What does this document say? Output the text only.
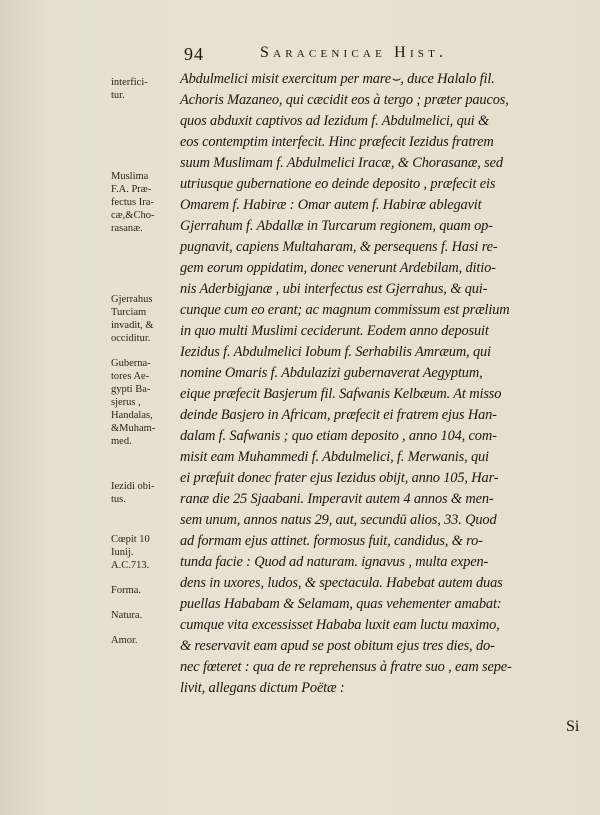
94	Saracenicae Hist.
interfici-
tur.
Muslima
F.A. Præ-
fectus Ira-
cæ,&Cho-
rasanæ.
Gjerrahus
Turciam
invadit, &
occiditur.
Guberna-
tores Ae-
gypti Ba-
sjerus ,
Handalas,
&Muham-
med.
Iezidi obi-
tus.
Cœpit 10
Iunij.
A.C.713.
Forma.
Natura.
Amor.
Abdulmelici misit exercitum per mare⌣, duce Halalo fil.
Achoris Mazaneo, qui cæcidit eos à tergo ; præter paucos,
quos abduxit captivos ad Iezidum f. Abdulmelici, qui &
eos contemptim interfecit. Hinc præfecit Iezidus fratrem
suum Muslimam f. Abdulmelici Iracæ, & Chorasanæ, sed
utriusque gubernatione eo deinde deposito , præfecit eis
Omarem f. Habiræ : Omar autem f. Habiræ ablegavit
Gjerrahum f. Abdallæ in Turcarum regionem, quam op-
pugnavit, capiens Multaharam, & persequens f. Hasi re-
gem eorum oppidatim, donec venerunt Ardebilam, ditio-
nis Aderbigjanæ , ubi interfectus est Gjerrahus, & qui-
cunque cum eo erant; ac magnum commissum est prælium
in quo multi Muslimi ceciderunt. Eodem anno deposuit
Iezidus f. Abdulmelici Iobum f. Serhabilis Amræum, qui
nomine Omaris f. Abdulazizi gubernaverat Aegyptum,
eique præfecit Basjerum fil. Safwanis Kelbæum. At misso
deinde Basjero in Africam, præfecit ei fratrem ejus Han-
dalam f. Safwanis ; quo etiam deposito , anno 104, com-
misit eam Muhammedi f. Abdulmelici, f. Merwanis, qui
ei præfuit donec frater ejus Iezidus obijt, anno 105, Har-
ranæ die 25 Sjaabani. Imperavit autem 4 annos & men-
sem unum, annos natus 29, aut, secundū alios, 33. Quod
ad formam ejus attinet. formosus fuit, candidus, & ro-
tunda facie : Quod ad naturam. ignavus , multa expen-
dens in uxores, ludos, & spectacula. Habebat autem duas
puellas Hababam & Selamam, quas vehementer amabat:
cumque vita excessisset Hababa luxit eam luctu maximo,
& reservavit eam apud se post obitum ejus tres dies, do-
nec fœteret : qua de re reprehensus à fratre suo , eam sepe-
livit, allegans dictum Poëtæ :
Si
